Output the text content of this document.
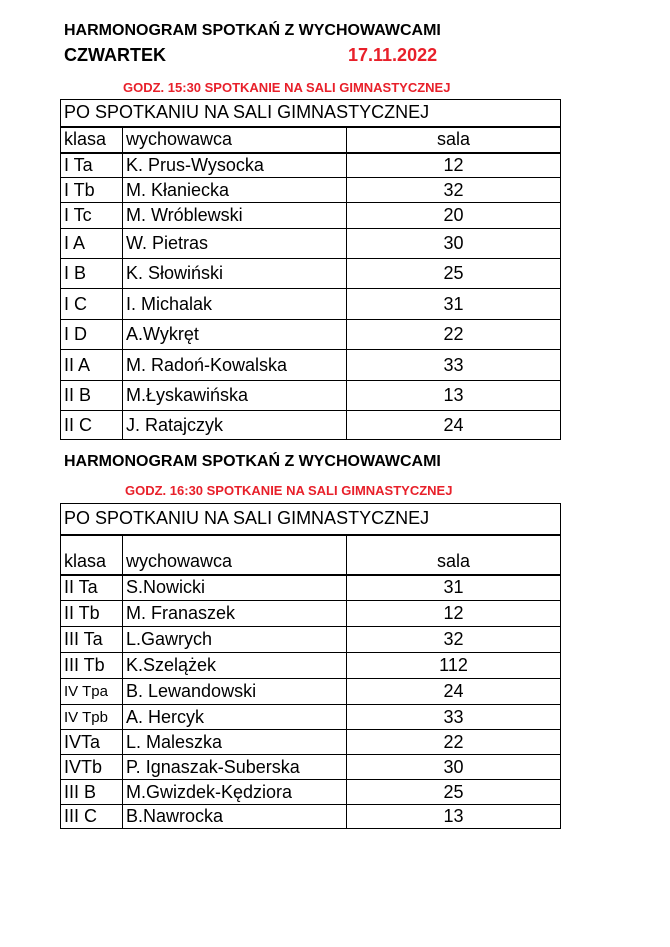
HARMONOGRAM SPOTKAŃ Z WYCHOWAWCAMI
CZWARTEK	17.11.2022
GODZ. 15:30 SPOTKANIE NA SALI GIMNASTYCZNEJ
PO SPOTKANIU NA SALI GIMNASTYCZNEJ		
klasa	wychowawca	sala
I Ta	K. Prus-Wysocka	12
I Tb	M. Kłaniecka	32
I Tc	M. Wróblewski	20
I A	W. Pietras	30
I B	K. Słowiński	25
I C	I. Michalak	31
I D	A.Wykręt	22
II A	M. Radoń-Kowalska	33
II B	M.Łyskawińska	13
II C	J. Ratajczyk	24
HARMONOGRAM SPOTKAŃ Z WYCHOWAWCAMI
GODZ. 16:30 SPOTKANIE NA SALI GIMNASTYCZNEJ
PO SPOTKANIU NA SALI GIMNASTYCZNEJ		
klasa	wychowawca	sala
II Ta	S.Nowicki	31
II Tb	M. Franaszek	12
III Ta	L.Gawrych	32
III Tb	K.Szelążek	112
IV Tpa	B. Lewandowski	24
IV Tpb	A. Hercyk	33
IVTa	L. Maleszka	22
IVTb	P. Ignaszak-Suberska	30
III B	M.Gwizdek-Kędziora	25
III C	B.Nawrocka	13
